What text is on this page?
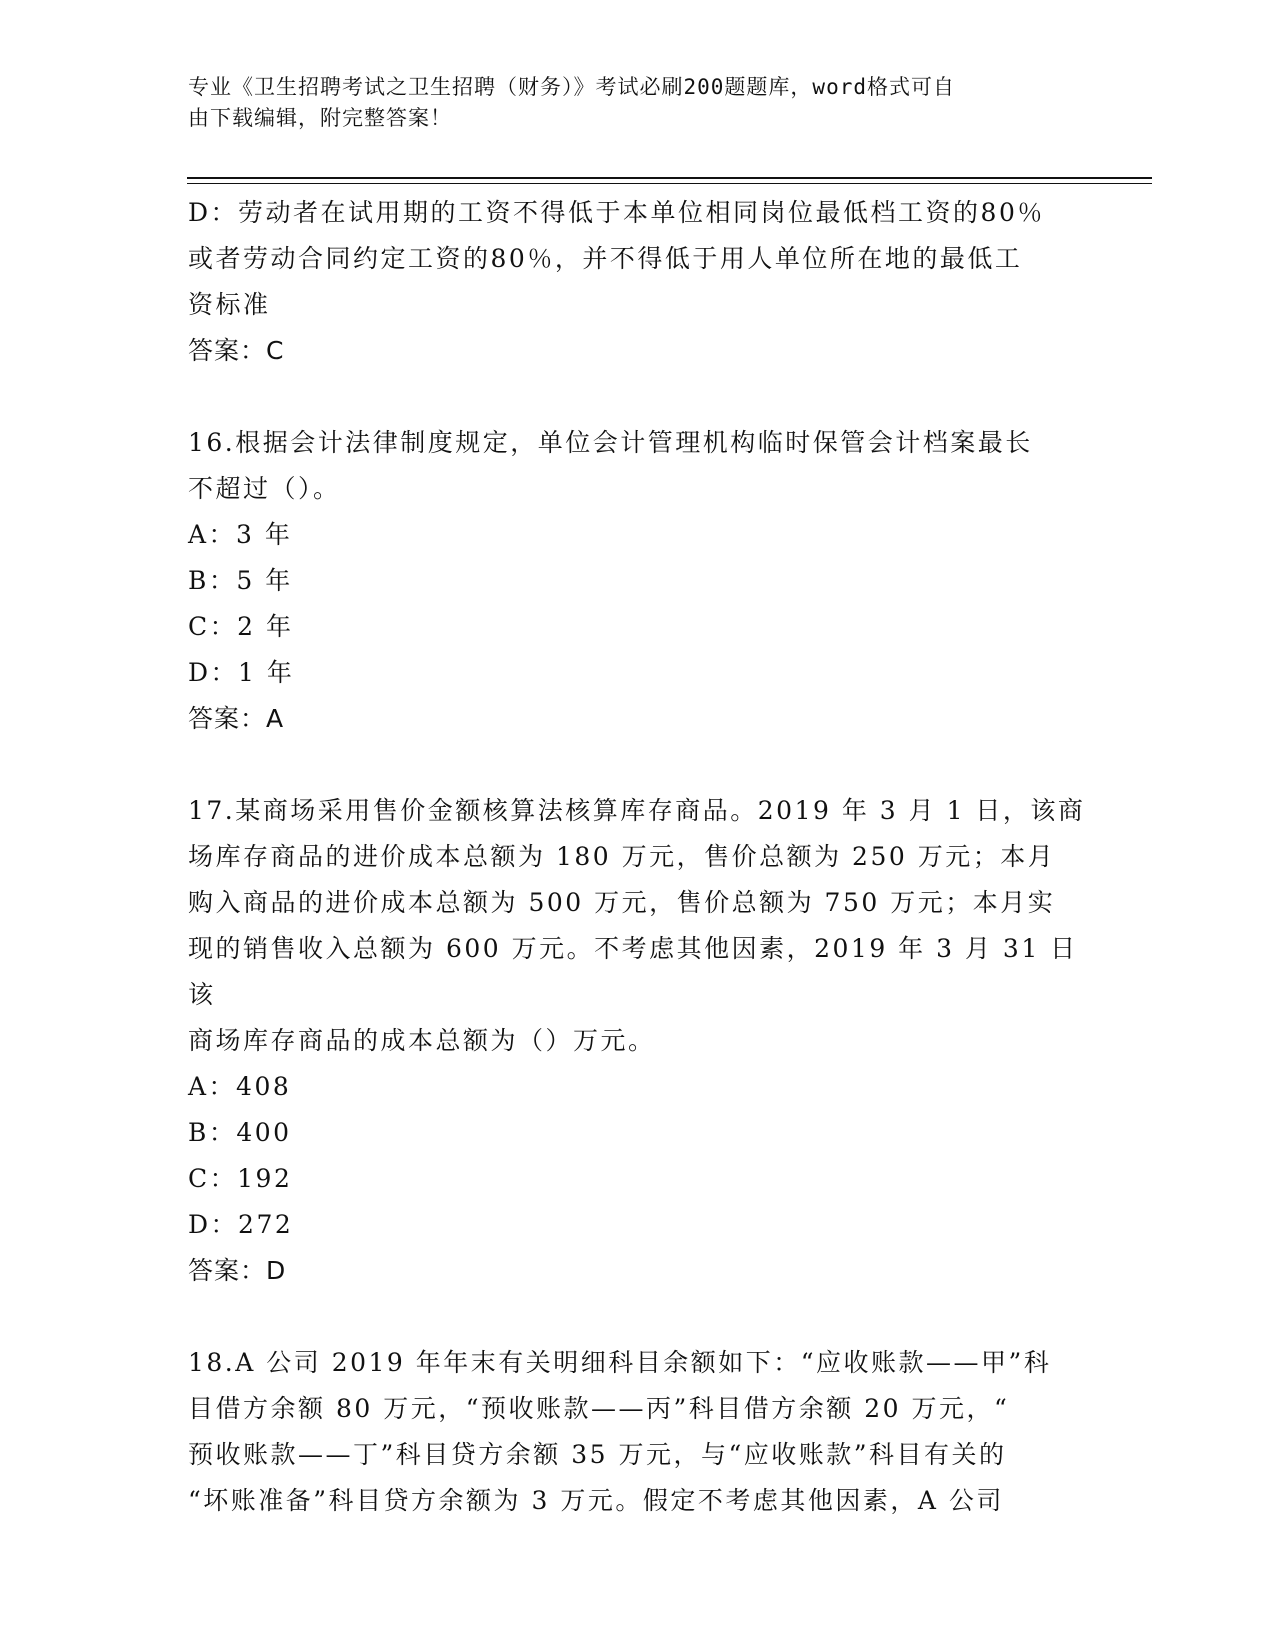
专业《卫生招聘考试之卫生招聘（财务）》考试必刷200题题库，word格式可自
由下载编辑，附完整答案！
D：劳动者在试用期的工资不得低于本单位相同岗位最低档工资的80％
或者劳动合同约定工资的80％，并不得低于用人单位所在地的最低工
资标准
答案：C
16.根据会计法律制度规定，单位会计管理机构临时保管会计档案最长
不超过（）。
A：3 年
B：5 年
C：2 年
D：1 年
答案：A
17.某商场采用售价金额核算法核算库存商品。2019 年 3 月 1 日，该商
场库存商品的进价成本总额为 180 万元，售价总额为 250 万元；本月
购入商品的进价成本总额为 500 万元，售价总额为 750 万元；本月实
现的销售收入总额为 600 万元。不考虑其他因素，2019 年 3 月 31 日该
商场库存商品的成本总额为（）万元。
A：408
B：400
C：192
D：272
答案：D
18.A 公司 2019 年年末有关明细科目余额如下：“应收账款——甲”科
目借方余额 80 万元，“预收账款——丙”科目借方余额 20 万元，“
预收账款——丁”科目贷方余额 35 万元，与“应收账款”科目有关的
“坏账准备”科目贷方余额为 3 万元。假定不考虑其他因素，A 公司
